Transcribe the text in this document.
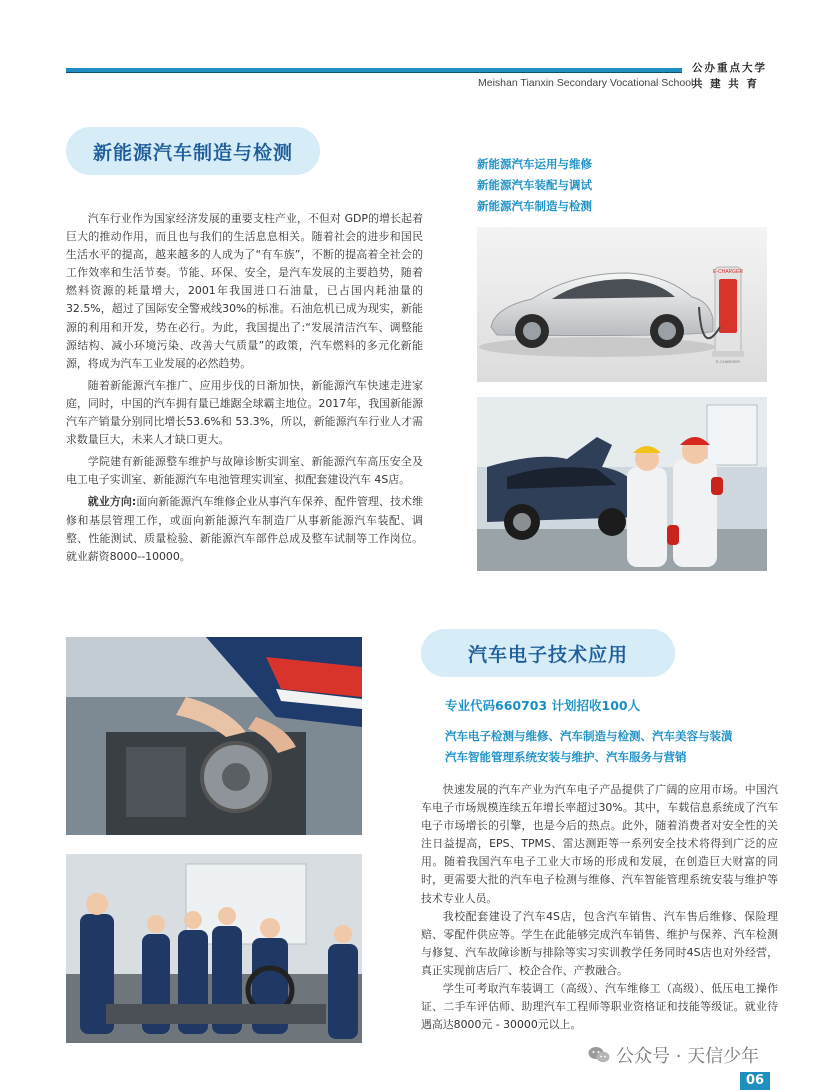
Meishan Tianxin Secondary Vocational School
公办重点大学
共 建 共 育
新能源汽车制造与检测
新能源汽车运用与维修
新能源汽车装配与调试
新能源汽车制造与检测

汽车行业作为国家经济发展的重要支柱产业，不但对 GDP的增长起着巨大的推动作用，而且也与我们的生活息息相关。随着社会的进步和国民生活水平的提高，越来越多的人成为了“有车族”，不断的提高着全社会的工作效率和生活节奏。节能、环保、安全，是汽车发展的主要趋势，随着燃料资源的耗量增大，2001年我国进口石油量，已占国内耗油量的32.5%，超过了国际安全警戒线30%的标准。石油危机已成为现实，新能源的利用和开发，势在必行。为此，我国提出了:“发展清洁汽车、调整能源结构、减小环境污染、改善大气质量”的政策，汽车燃料的多元化新能源，将成为汽车工业发展的必然趋势。

随着新能源汽车推广、应用步伐的日渐加快，新能源汽车快速走进家庭，同时，中国的汽车拥有量已雄踞全球霸主地位。2017年，我国新能源汽车产销量分别同比增长53.6%和 53.3%，所以，新能源汽车行业人才需求数量巨大，未来人才缺口更大。

学院建有新能源整车维护与故障诊断实训室、新能源汽车高压安全及电工电子实训室、新能源汽车电池管理实训室、拟配套建设汽车 4S店。

就业方向:面向新能源汽车维修企业从事汽车保养、配件管理、技术维修和基层管理工作，或面向新能源汽车制造厂从事新能源汽车装配、调整、性能测试、质量检验、新能源汽车部件总成及整车试制等工作岗位。就业薪资8000--10000。

E-CHARGER
E-CHARGER
汽车电子技术应用
专业代码660703 计划招收100人
汽车电子检测与维修、汽车制造与检测、汽车美容与装潢
汽车智能管理系统安装与维护、汽车服务与营销

快速发展的汽车产业为汽车电子产品提供了广阔的应用市场。中国汽车电子市场规模连续五年增长率超过30%。其中，车载信息系统成了汽车电子市场增长的引擎，也是今后的热点。此外，随着消费者对安全性的关注日益提高，EPS、TPMS、雷达测距等一系列安全技术将得到广泛的应用。随着我国汽车电子工业大市场的形成和发展，在创造巨大财富的同时，更需要大批的汽车电子检测与维修、汽车智能管理系统安装与维护等技术专业人员。

我校配套建设了汽车4S店，包含汽车销售、汽车售后维修、保险理赔、零配件供应等。学生在此能够完成汽车销售、维护与保养、汽车检测与修复、汽车故障诊断与排除等实习实训教学任务同时4S店也对外经营，真正实现前店后厂、校企合作、产教融合。

学生可考取汽车装调工（高级）、汽车维修工（高级）、低压电工操作证、二手车评估师、助理汽车工程师等职业资格证和技能等级证。就业待遇高达8000元 - 30000元以上。

公众号 · 天信少年
06
